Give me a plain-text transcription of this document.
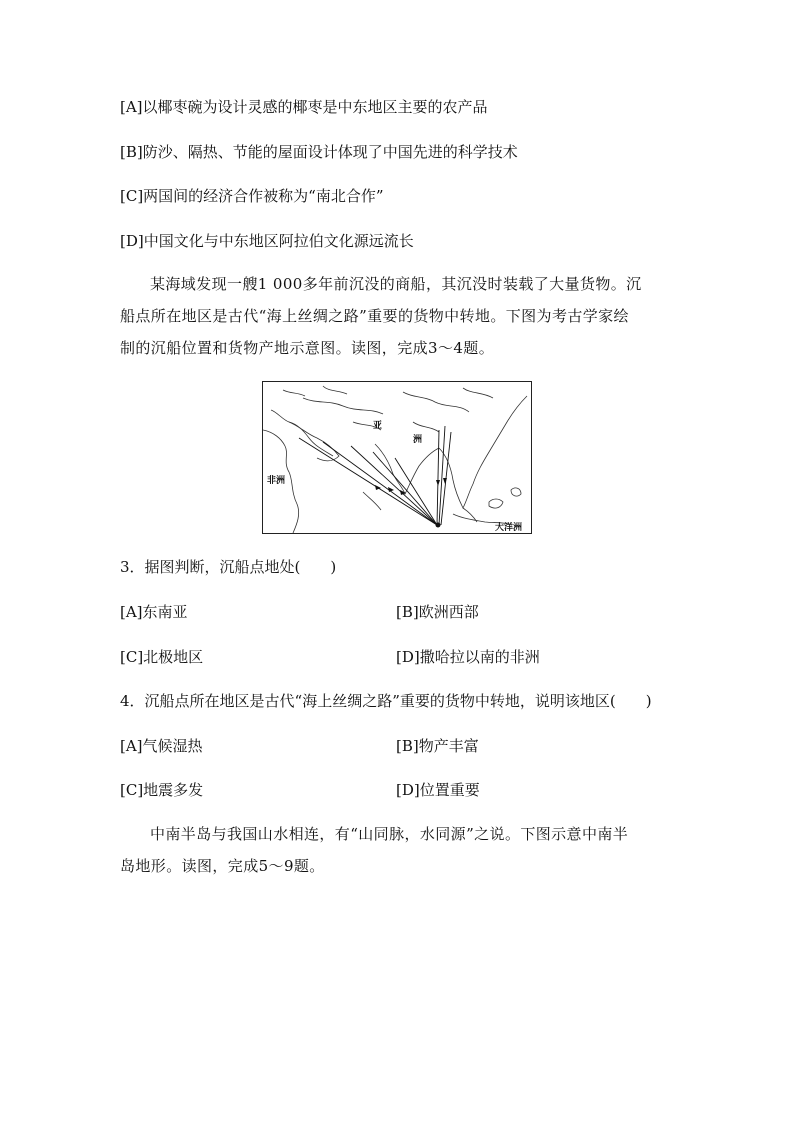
[A]以椰枣碗为设计灵感的椰枣是中东地区主要的农产品
[B]防沙、隔热、节能的屋面设计体现了中国先进的科学技术
[C]两国间的经济合作被称为“南北合作”
[D]中国文化与中东地区阿拉伯文化源远流长
某海域发现一艘1 000多年前沉没的商船，其沉没时装载了大量货物。沉
船点所在地区是古代“海上丝绸之路”重要的货物中转地。下图为考古学家绘
制的沉船位置和货物产地示意图。读图，完成3～4题。
亚
洲
非洲
大洋洲
3．据图判断，沉船点地处(　　)
[A]东南亚	[B]欧洲西部
[C]北极地区	[D]撒哈拉以南的非洲
4．沉船点所在地区是古代“海上丝绸之路”重要的货物中转地，说明该地区(　　)
[A]气候湿热	[B]物产丰富
[C]地震多发	[D]位置重要
中南半岛与我国山水相连，有“山同脉，水同源”之说。下图示意中南半
岛地形。读图，完成5～9题。
